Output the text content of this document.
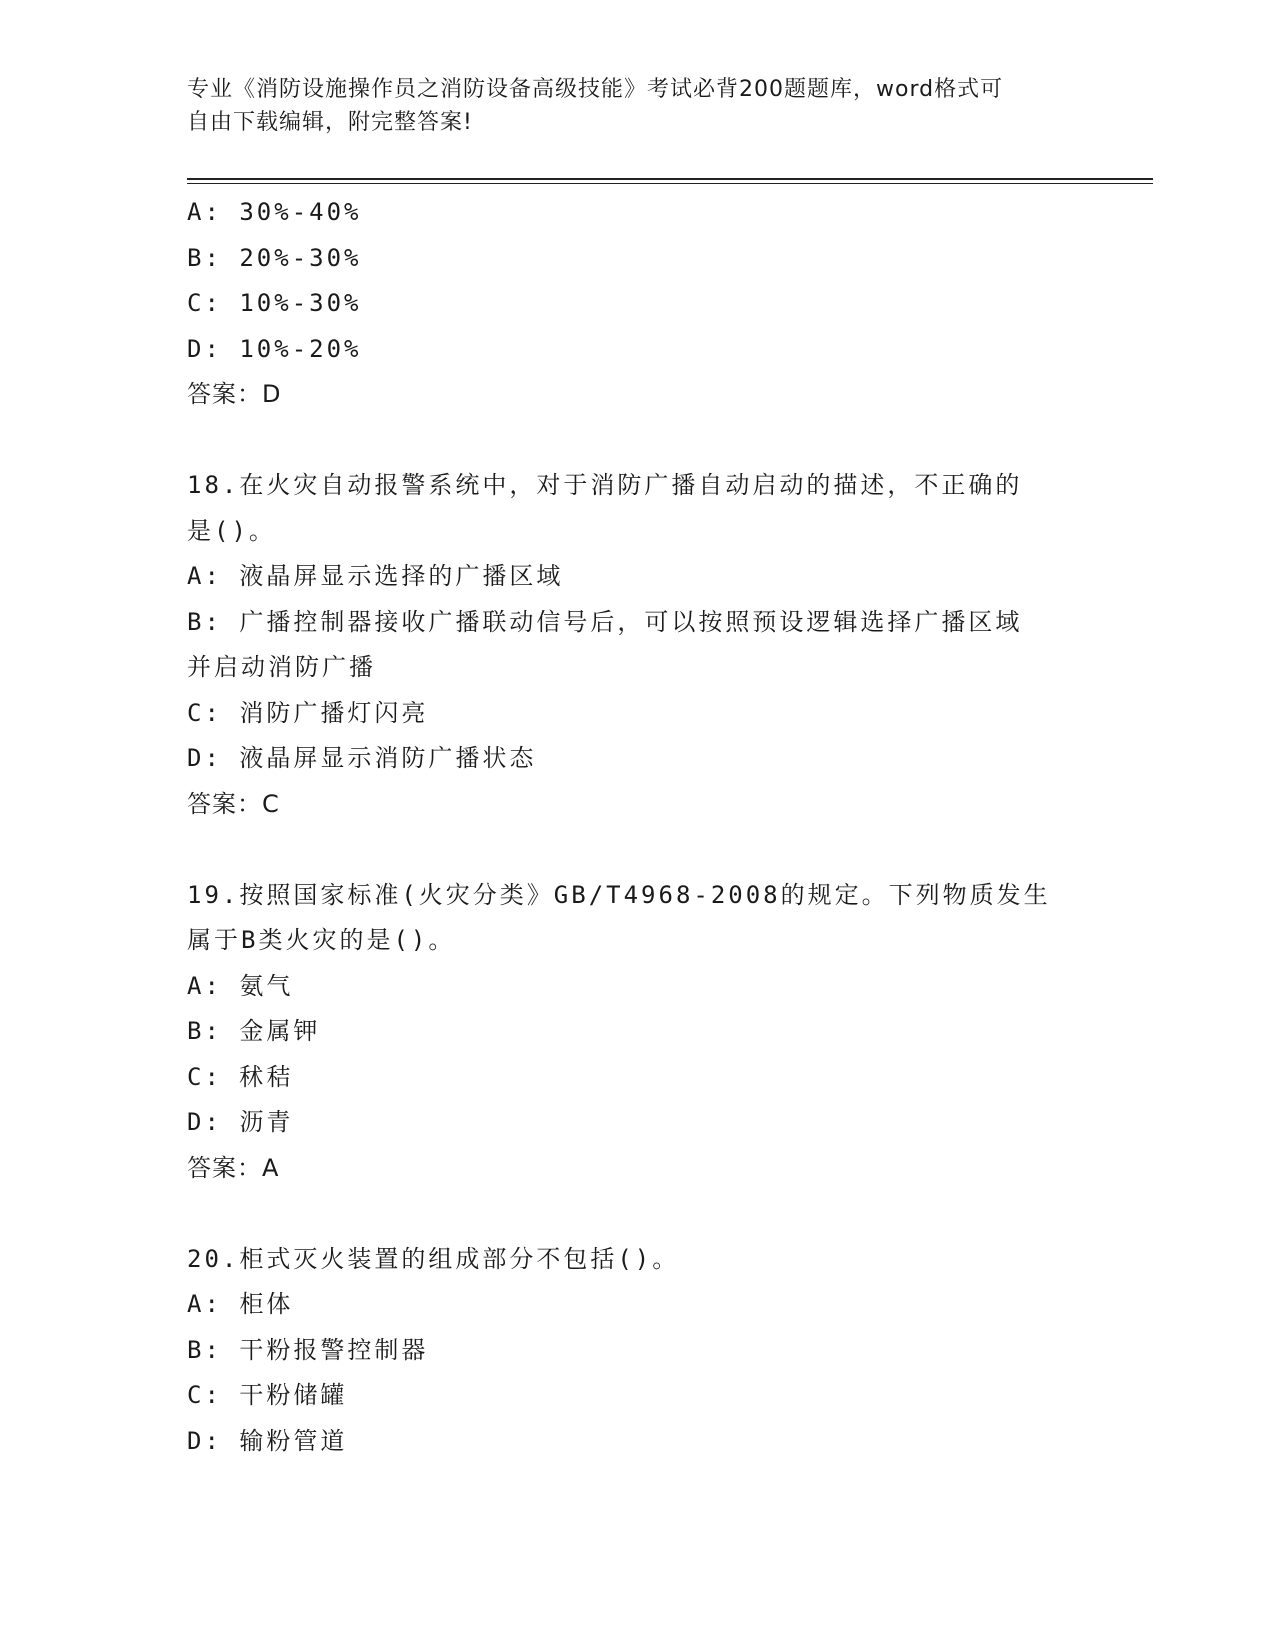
专业《消防设施操作员之消防设备高级技能》考试必背200题题库，word格式可
自由下载编辑，附完整答案!
A: 30%-40%
B: 20%-30%
C: 10%-30%
D: 10%-20%
答案：D
18.在火灾自动报警系统中，对于消防广播自动启动的描述，不正确的
是()。
A: 液晶屏显示选择的广播区域
B: 广播控制器接收广播联动信号后，可以按照预设逻辑选择广播区域
并启动消防广播
C: 消防广播灯闪亮
D: 液晶屏显示消防广播状态
答案：C
19.按照国家标准(火灾分类》GB/T4968-2008的规定。下列物质发生
属于B类火灾的是()。
A: 氨气
B: 金属钾
C: 秫秸
D: 沥青
答案：A
20.柜式灭火装置的组成部分不包括()。
A: 柜体
B: 干粉报警控制器
C: 干粉储罐
D: 输粉管道
